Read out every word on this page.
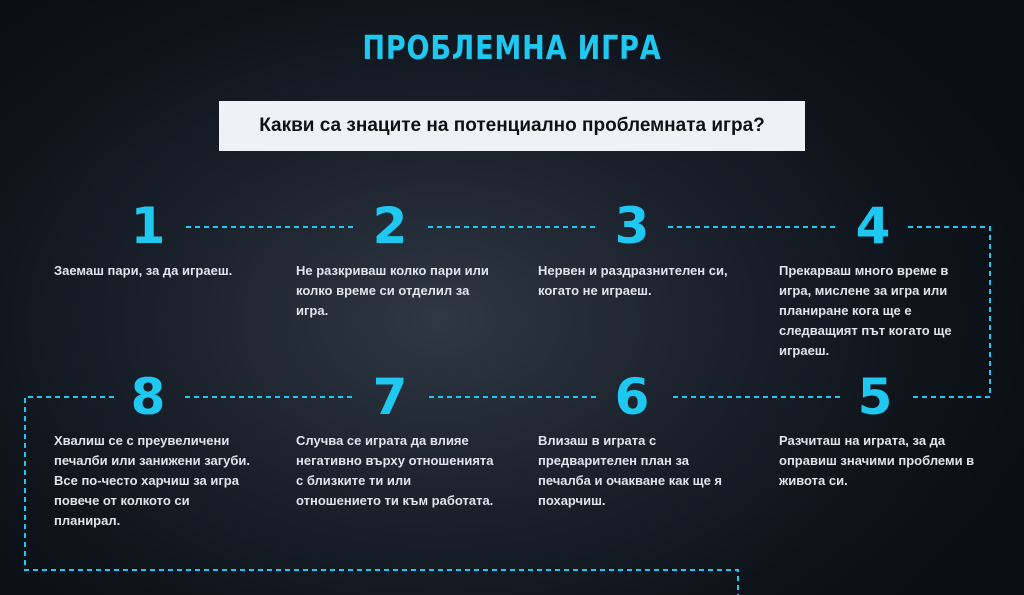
ПРОБЛЕМНА ИГРА
Какви са знаците на потенциално проблемната игра?
1
Заемаш пари, за да играеш.
2
Не разкриваш колко пари или колко време си отделил за игра.
3
Нервен и раздразнителен си, когато не играеш.
4
Прекарваш много време в игра, мислене за игра или планиране кога ще е следващият път когато ще играеш.
8
Хвалиш се с преувеличени печалби или занижени загуби. Все по-често харчиш за игра повече от колкото си планирал.
7
Случва се играта да влияе негативно върху отношенията с близките ти или отношението ти към работата.
6
Влизаш в играта с предварителен план за печалба и очакване как ще я похарчиш.
5
Разчиташ на играта, за да оправиш значими проблеми в живота си.
